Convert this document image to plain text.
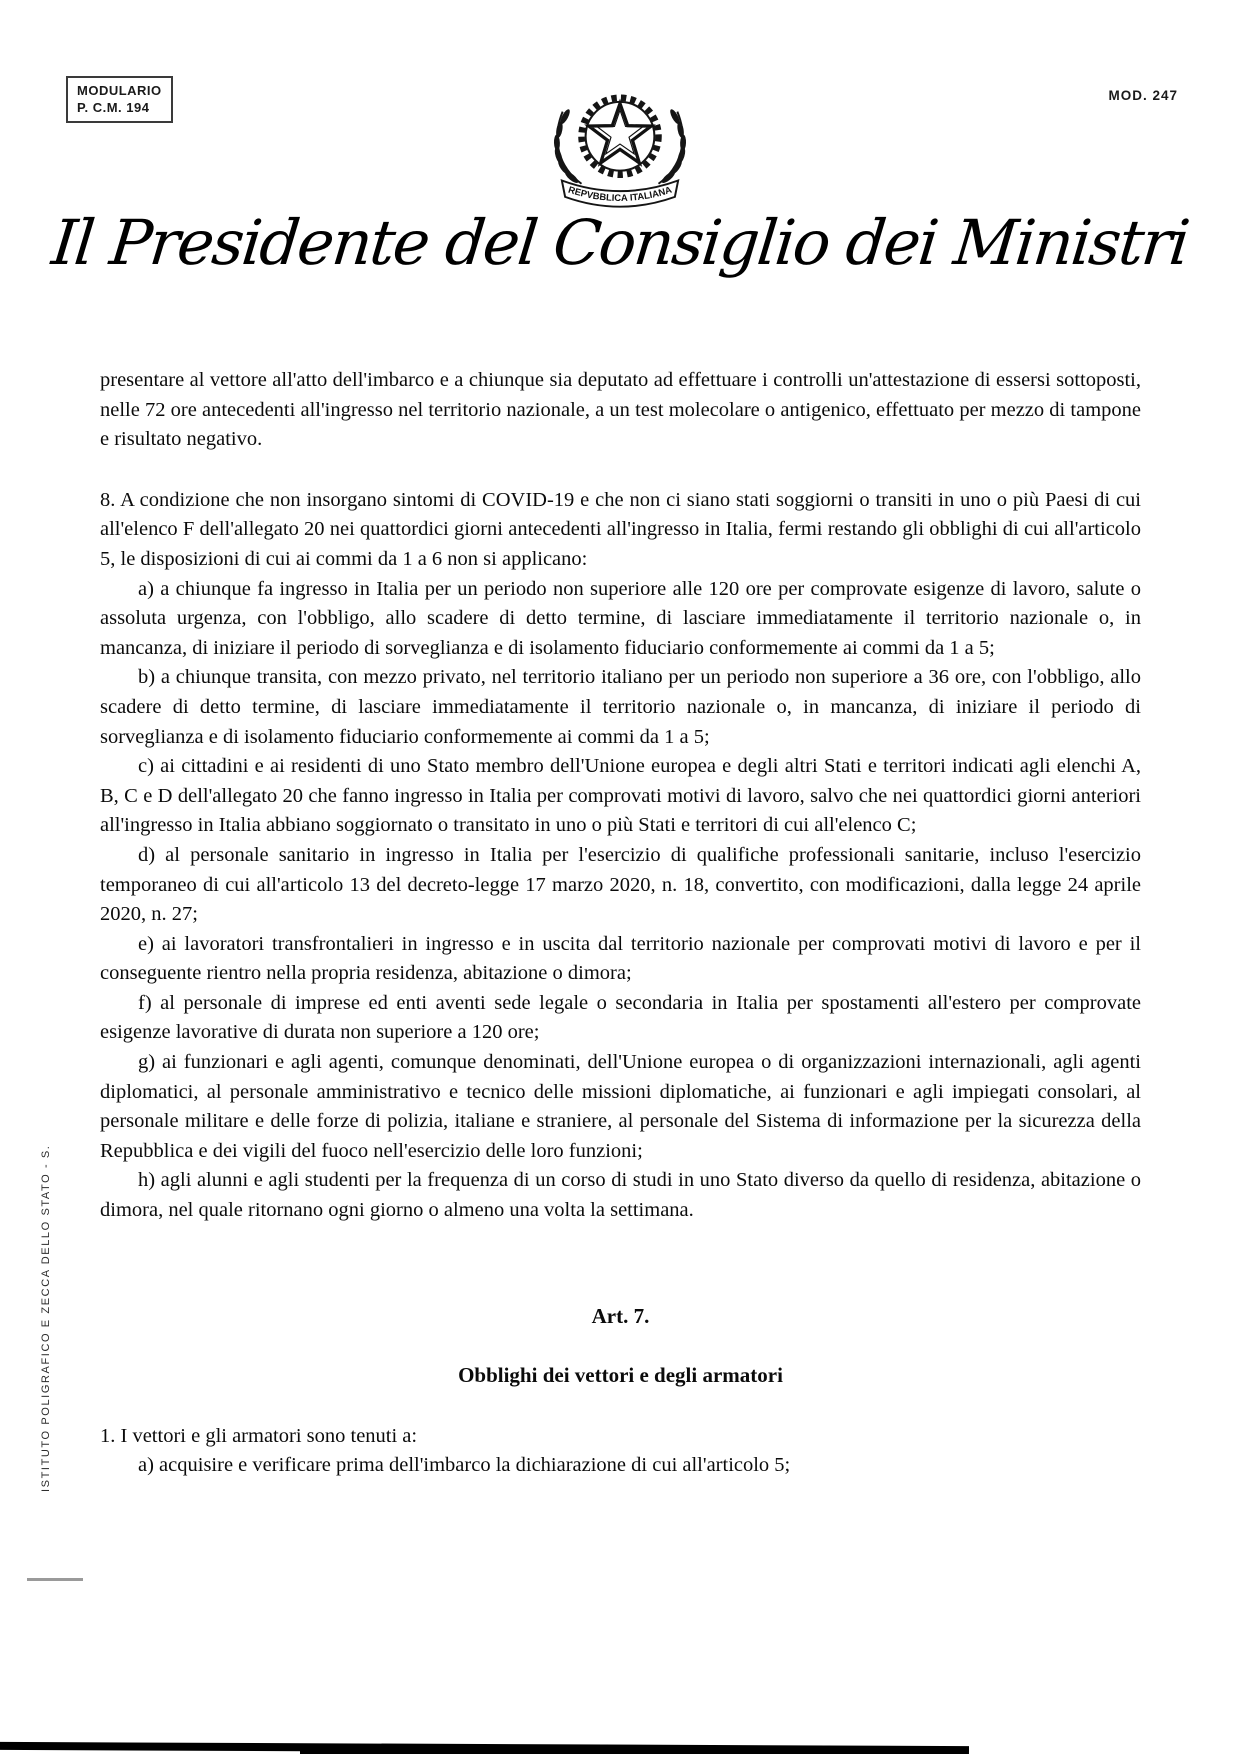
MODULARIO
P. C.M. 194
MOD. 247
REPVBBLICA ITALIANA
Il Presidente del Consiglio dei Ministri

presentare al vettore all'atto dell'imbarco e a chiunque sia deputato ad effettuare i controlli un'attestazione di essersi sottoposti, nelle 72 ore antecedenti all'ingresso nel territorio nazionale, a un test molecolare o antigenico, effettuato per mezzo di tampone e risultato negativo.

8. A condizione che non insorgano sintomi di COVID-19 e che non ci siano stati soggiorni o transiti in uno o più Paesi di cui all'elenco F dell'allegato 20 nei quattordici giorni antecedenti all'ingresso in Italia, fermi restando gli obblighi di cui all'articolo 5, le disposizioni di cui ai commi da 1 a 6 non si applicano:

a) a chiunque fa ingresso in Italia per un periodo non superiore alle 120 ore per comprovate esigenze di lavoro, salute o assoluta urgenza, con l'obbligo, allo scadere di detto termine, di lasciare immediatamente il territorio nazionale o, in mancanza, di iniziare il periodo di sorveglianza e di isolamento fiduciario conformemente ai commi da 1 a 5;

b) a chiunque transita, con mezzo privato, nel territorio italiano per un periodo non superiore a 36 ore, con l'obbligo, allo scadere di detto termine, di lasciare immediatamente il territorio nazionale o, in mancanza, di iniziare il periodo di sorveglianza e di isolamento fiduciario conformemente ai commi da 1 a 5;

c) ai cittadini e ai residenti di uno Stato membro dell'Unione europea e degli altri Stati e territori indicati agli elenchi A, B, C e D dell'allegato 20 che fanno ingresso in Italia per comprovati motivi di lavoro, salvo che nei quattordici giorni anteriori all'ingresso in Italia abbiano soggiornato o transitato in uno o più Stati e territori di cui all'elenco C;

d) al personale sanitario in ingresso in Italia per l'esercizio di qualifiche professionali sanitarie, incluso l'esercizio temporaneo di cui all'articolo 13 del decreto-legge 17 marzo 2020, n. 18, convertito, con modificazioni, dalla legge 24 aprile 2020, n. 27;

e) ai lavoratori transfrontalieri in ingresso e in uscita dal territorio nazionale per comprovati motivi di lavoro e per il conseguente rientro nella propria residenza, abitazione o dimora;

f) al personale di imprese ed enti aventi sede legale o secondaria in Italia per spostamenti all'estero per comprovate esigenze lavorative di durata non superiore a 120 ore;

g) ai funzionari e agli agenti, comunque denominati, dell'Unione europea o di organizzazioni internazionali, agli agenti diplomatici, al personale amministrativo e tecnico delle missioni diplomatiche, ai funzionari e agli impiegati consolari, al personale militare e delle forze di polizia, italiane e straniere, al personale del Sistema di informazione per la sicurezza della Repubblica e dei vigili del fuoco nell'esercizio delle loro funzioni;

h) agli alunni e agli studenti per la frequenza di un corso di studi in uno Stato diverso da quello di residenza, abitazione o dimora, nel quale ritornano ogni giorno o almeno una volta la settimana.

Art. 7.

Obblighi dei vettori e degli armatori

1. I vettori e gli armatori sono tenuti a:

a) acquisire e verificare prima dell'imbarco la dichiarazione di cui all'articolo 5;

ISTITUTO POLIGRAFICO E ZECCA DELLO STATO - S.
